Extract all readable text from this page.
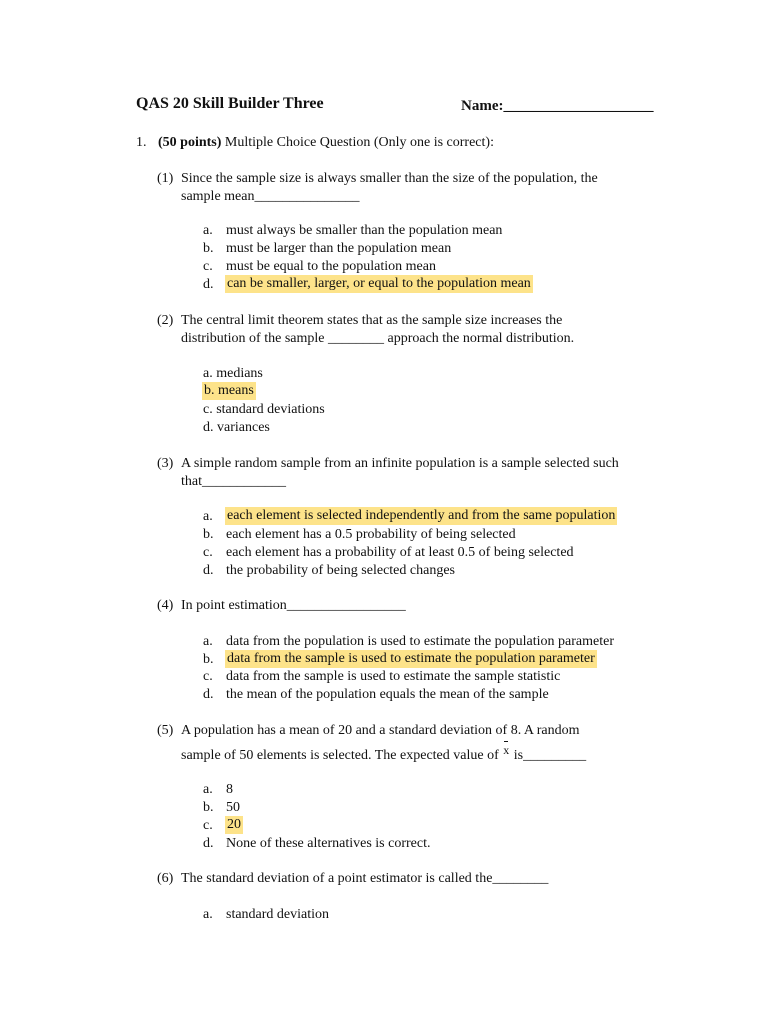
QAS 20 Skill Builder Three	Name:____________________
1. (50 points) Multiple Choice Question (Only one is correct):
(1) Since the sample size is always smaller than the size of the population, the
sample mean_______________
a. must always be smaller than the population mean
b. must be larger than the population mean
c. must be equal to the population mean
d. can be smaller, larger, or equal to the population mean
(2) The central limit theorem states that as the sample size increases the
distribution of the sample ________ approach the normal distribution.
a. medians
b. means
c. standard deviations
d. variances
(3) A simple random sample from an infinite population is a sample selected such
that____________
a. each element is selected independently and from the same population
b. each element has a 0.5 probability of being selected
c. each element has a probability of at least 0.5 of being selected
d. the probability of being selected changes
(4) In point estimation_________________
a. data from the population is used to estimate the population parameter
b. data from the sample is used to estimate the population parameter
c. data from the sample is used to estimate the sample statistic
d. the mean of the population equals the mean of the sample
(5) A population has a mean of 20 and a standard deviation of 8. A random
sample of 50 elements is selected. The expected value of x is_________
a. 8
b. 50
c. 20
d. None of these alternatives is correct.
(6) The standard deviation of a point estimator is called the________
a. standard deviation
